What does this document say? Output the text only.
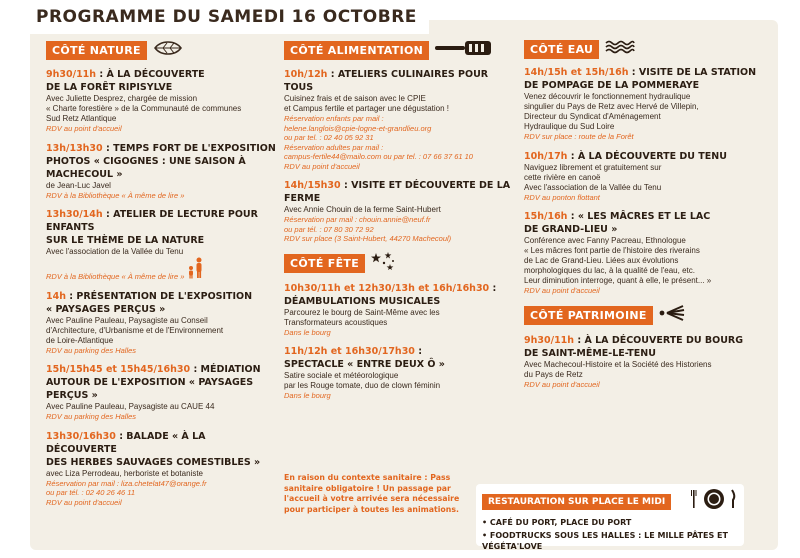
PROGRAMME DU SAMEDI 16 OCTOBRE
CÔTÉ NATURE
9h30/11h : À LA DÉCOUVERTE
DE LA FORÊT RIPISYLVE
Avec Juliette Desprez, chargée de mission
« Charte forestière » de la Communauté de communes
Sud Retz Atlantique
RDV au point d'accueil
13h/13h30 : TEMPS FORT DE L'EXPOSITION
PHOTOS « CIGOGNES : UNE SAISON À MACHECOUL »
de Jean-Luc Javel
RDV à la Bibliothèque « À même de lire »
13h30/14h : ATELIER DE LECTURE POUR ENFANTS
SUR LE THÈME DE LA NATURE
Avec l'association de la Vallée du Tenu
RDV à la Bibliothèque « À même de lire »
14h : PRÉSENTATION DE L'EXPOSITION
« PAYSAGES PERÇUS »
Avec Pauline Pauleau, Paysagiste au Conseil
d'Architecture, d'Urbanisme et de l'Environnement
de Loire-Atlantique
RDV au parking des Halles
15h/15h45 et 15h45/16h30 : MÉDIATION
AUTOUR DE L'EXPOSITION « PAYSAGES PERÇUS »
Avec Pauline Pauleau, Paysagiste au CAUE 44
RDV au parking des Halles
13h30/16h30 : BALADE « À LA DÉCOUVERTE
DES HERBES SAUVAGES COMESTIBLES »
avec Liza Perrodeau, herboriste et botaniste
Réservation par mail : liza.chetelat47@orange.fr
ou par tél. : 02 40 26 46 11
RDV au point d'accueil
CÔTÉ ALIMENTATION
10h/12h : ATELIERS CULINAIRES POUR TOUS
Cuisinez frais et de saison avec le CPIE
et Campus fertile et partager une dégustation !
Réservation enfants par mail :
helene.langlois@cpie-logne-et-grandlieu.org
ou par tel. : 02 40 05 92 31
Réservation adultes par mail :
campus-fertile44@mailo.com ou par tel. : 07 66 37 61 10
RDV au point d'accueil
14h/15h30 : VISITE ET DÉCOUVERTE DE LA FERME
Avec Annie Chouin de la ferme Saint-Hubert
Réservation par mail : chouin.annie@neuf.fr
ou par tél. : 07 80 30 72 92
RDV sur place (3 Saint-Hubert, 44270 Machecoul)
CÔTÉ FÊTE
10h30/11h et 12h30/13h et 16h/16h30 :
DÉAMBULATIONS MUSICALES
Parcourez le bourg de Saint-Même avec les
Transformateurs acoustiques
Dans le bourg
11h/12h et 16h30/17h30 :
SPECTACLE « ENTRE DEUX Ô »
Satire sociale et météorologique
par les Rouge tomate, duo de clown féminin
Dans le bourg
En raison du contexte sanitaire : Pass
sanitaire obligatoire ! Un passage par
l'accueil à votre arrivée sera nécessaire
pour participer à toutes les animations.
CÔTÉ EAU
14h/15h et 15h/16h : VISITE DE LA STATION
DE POMPAGE DE LA POMMERAYE
Venez découvrir le fonctionnement hydraulique
singulier du Pays de Retz avec Hervé de Villepin,
Directeur du Syndicat d'Aménagement
Hydraulique du Sud Loire
RDV sur place : route de la Forêt
10h/17h : À LA DÉCOUVERTE DU TENU
Naviguez librement et gratuitement sur
cette rivière en canoë
Avec l'association de la Vallée du Tenu
RDV au ponton flottant
15h/16h : « LES MÂCRES ET LE LAC
DE GRAND-LIEU »
Conférence avec Fanny Pacreau, Ethnologue
« Les mâcres font partie de l'histoire des riverains
de Lac de Grand-Lieu. Liées aux évolutions
morphologiques du lac, à la qualité de l'eau, etc.
Leur diminution interroge, quant à elle, le présent... »
RDV au point d'accueil
CÔTÉ PATRIMOINE
9h30/11h : À LA DÉCOUVERTE DU BOURG
DE SAINT-MÊME-LE-TENU
Avec Machecoul-Histoire et la Société des Historiens
du Pays de Retz
RDV au point d'accueil
RESTAURATION SUR PLACE LE MIDI
• CAFÉ DU PORT, PLACE DU PORT
• FOODTRUCKS SOUS LES HALLES : LE MILLE PÂTES ET VÉGÉTA'LOVE
